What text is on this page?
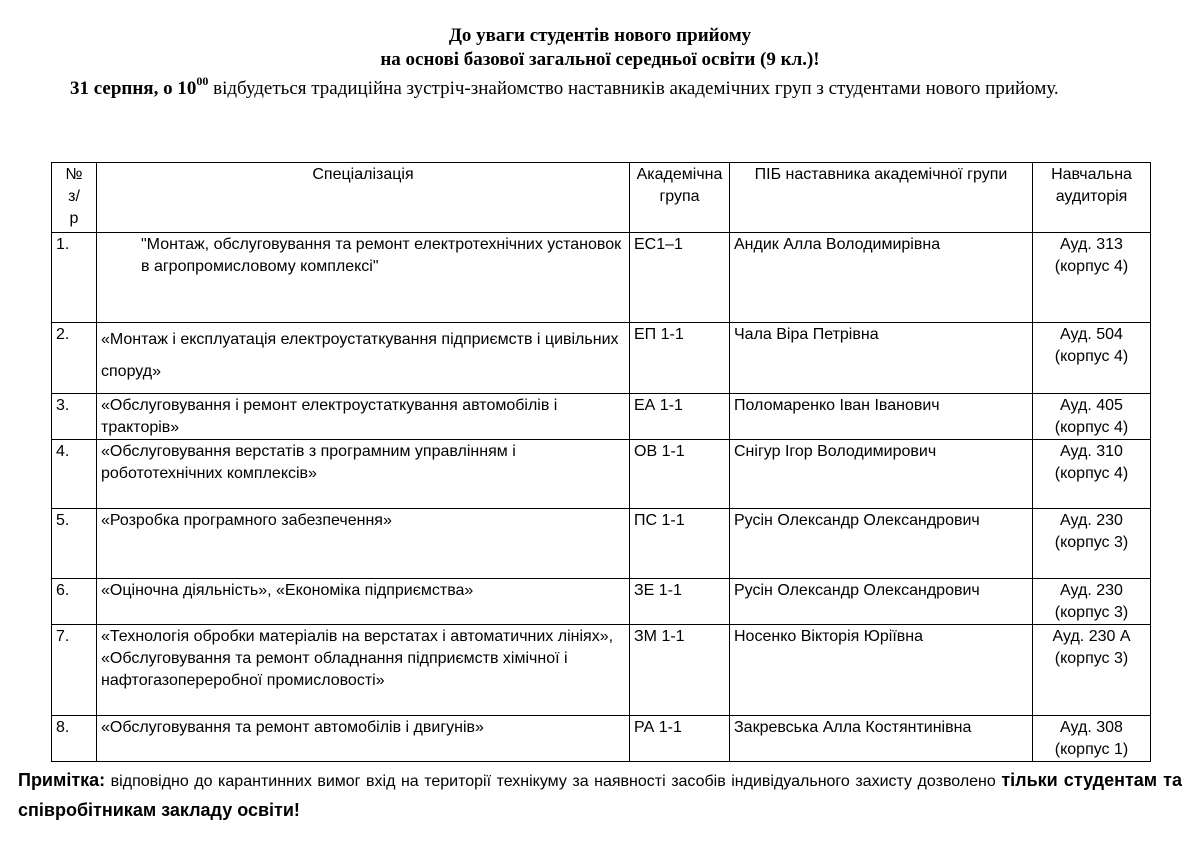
До уваги студентів нового прийому
на основі базової загальної середньої освіти (9 кл.)!
31 серпня, о $10^{00}$ відбудеться традиційна зустріч-знайомство наставників академічних груп з студентами нового прийому.
№ з/р	Спеціалізація	Академічна група	ПІБ наставника академічної групи	Навчальна аудиторія
1.	"Монтаж, обслуговування та ремонт електротехнічних установок в агропромисловому комплексі"	ЕС1–1	Андик Алла Володимирівна	Ауд. 313 (корпус 4)
2.	«Монтаж і експлуатація електроустаткування підприємств і цивільних споруд»	ЕП 1-1	Чала Віра Петрівна	Ауд. 504 (корпус 4)
3.	«Обслуговування і ремонт електроустаткування автомобілів і тракторів»	ЕА 1-1	Поломаренко Іван Іванович	Ауд. 405 (корпус 4)
4.	«Обслуговування верстатів з програмним управлінням і робототехнічних комплексів»	ОВ 1-1	Снігур Ігор Володимирович	Ауд. 310 (корпус 4)
5.	«Розробка програмного забезпечення»	ПС 1-1	Русін Олександр Олександрович	Ауд. 230 (корпус 3)
6.	«Оціночна діяльність», «Економіка підприємства»	ЗЕ 1-1	Русін Олександр Олександрович	Ауд. 230 (корпус 3)
7.	«Технологія обробки матеріалів на верстатах і автоматичних лініях», «Обслуговування та ремонт обладнання підприємств хімічної і нафтогазопереробної промисловості»	ЗМ 1-1	Носенко Вікторія Юріївна	Ауд. 230 А (корпус 3)
8.	«Обслуговування та ремонт автомобілів і двигунів»	РА 1-1	Закревська Алла Костянтинівна	Ауд. 308 (корпус 1)
Примітка: відповідно до карантинних вимог вхід на території технікуму за наявності засобів індивідуального захисту дозволено тільки студентам та співробітникам закладу освіти!
